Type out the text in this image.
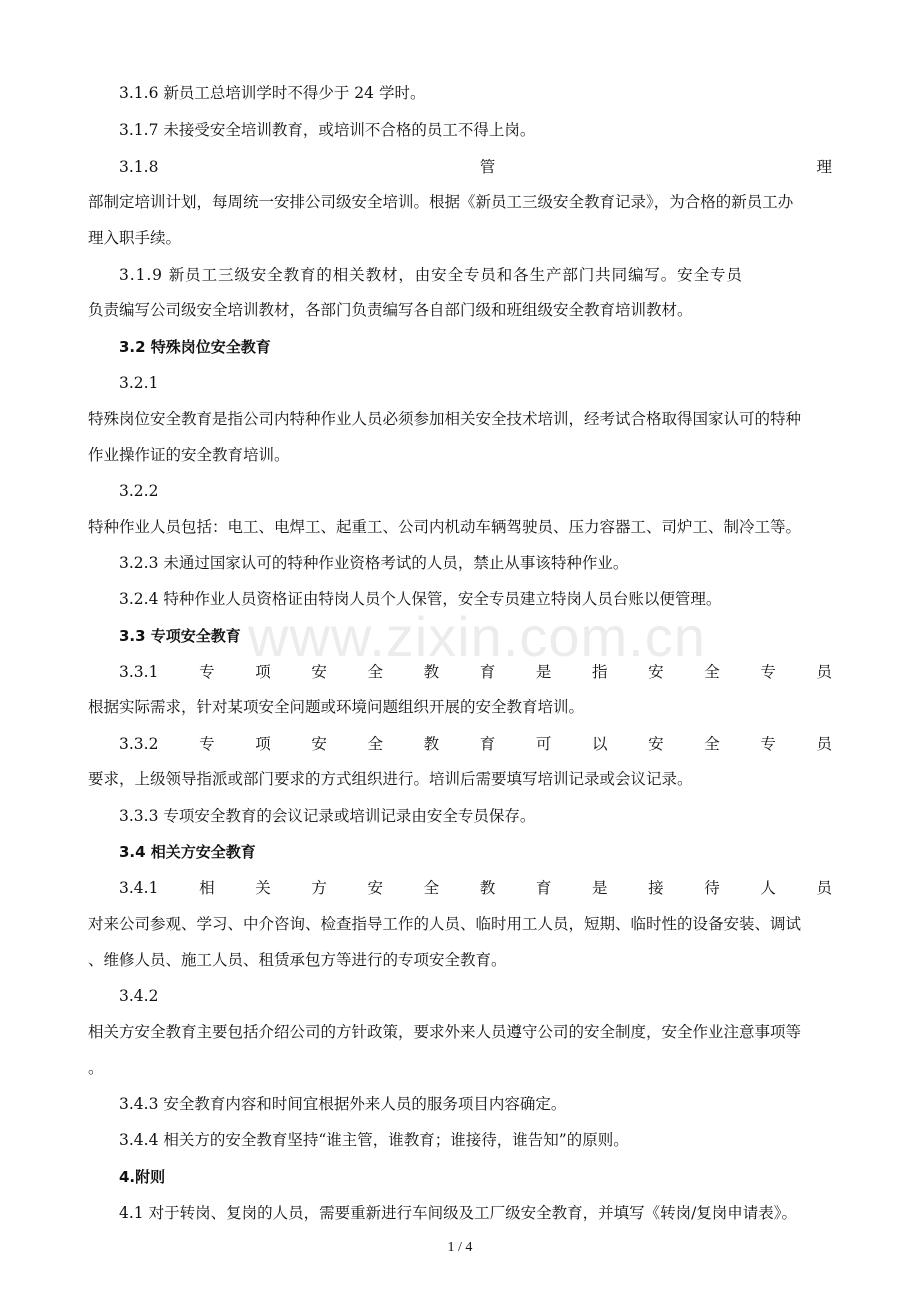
www.zixin.com.cn
3.1.6 新员工总培训学时不得少于 24 学时。
3.1.7 未接受安全培训教育，或培训不合格的员工不得上岗。
3.1.8	管	理
部制定培训计划，每周统一安排公司级安全培训。根据《新员工三级安全教育记录》，为合格的新员工办
理入职手续。
3.1.9 新员工三级安全教育的相关教材，由安全专员和各生产部门共同编写。安全专员
负责编写公司级安全培训教材，各部门负责编写各自部门级和班组级安全教育培训教材。
3.2 特殊岗位安全教育
3.2.1
特殊岗位安全教育是指公司内特种作业人员必须参加相关安全技术培训，经考试合格取得国家认可的特种
作业操作证的安全教育培训。
3.2.2
特种作业人员包括：电工、电焊工、起重工、公司内机动车辆驾驶员、压力容器工、司炉工、制冷工等。
3.2.3 未通过国家认可的特种作业资格考试的人员，禁止从事该特种作业。
3.2.4 特种作业人员资格证由特岗人员个人保管，安全专员建立特岗人员台账以便管理。
3.3 专项安全教育
3.3.1	专	项	安	全	教	育	是	指	安	全	专	员
根据实际需求，针对某项安全问题或环境问题组织开展的安全教育培训。
3.3.2	专	项	安	全	教	育	可	以	安	全	专	员
要求，上级领导指派或部门要求的方式组织进行。培训后需要填写培训记录或会议记录。
3.3.3 专项安全教育的会议记录或培训记录由安全专员保存。
3.4 相关方安全教育
3.4.1	相	关	方	安	全	教	育	是	接	待	人	员
对来公司参观、学习、中介咨询、检查指导工作的人员、临时用工人员，短期、临时性的设备安装、调试
、维修人员、施工人员、租赁承包方等进行的专项安全教育。
3.4.2
相关方安全教育主要包括介绍公司的方针政策，要求外来人员遵守公司的安全制度，安全作业注意事项等
。
3.4.3 安全教育内容和时间宜根据外来人员的服务项目内容确定。
3.4.4 相关方的安全教育坚持“谁主管，谁教育；谁接待，谁告知”的原则。
4.附则
4.1 对于转岗、复岗的人员，需要重新进行车间级及工厂级安全教育，并填写《转岗/复岗申请表》。
1 / 4
